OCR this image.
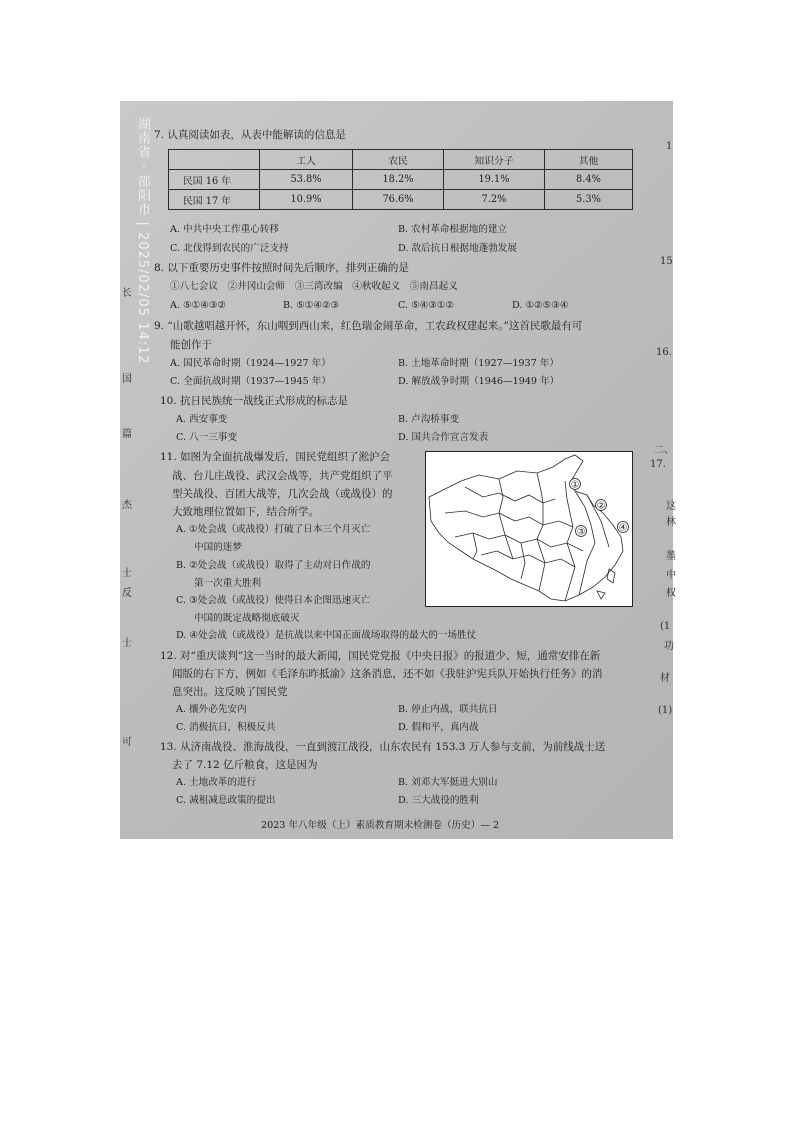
湖南省 · 邵阳市 | 2025/02/05 14:12 7. 认真阅读如表，从表中能解读的信息是
	工人	农民	知识分子	其他
民国 16 年	53.8%	18.2%	19.1%	8.4%
民国 17 年	10.9%	76.6%	7.2%	5.3%
A. 中共中央工作重心转移	B. 农村革命根据地的建立
C. 北伐得到农民的广泛支持	D. 敌后抗日根据地蓬勃发展
8. 以下重要历史事件按照时间先后顺序，排列正确的是
①八七会议　②井冈山会师　③三湾改编　④秋收起义　⑤南昌起义
A. ⑤①④③②	B. ⑤①④②③	C. ⑤④③①②	D. ①②⑤③④
9. “山歌越唱越开怀，东山咽到西山来，红色瑞金闹革命，工农政权建起来。”这首民歌最有可
能创作于
A. 国民革命时期（1924—1927 年）	B. 土地革命时期（1927—1937 年）
C. 全面抗战时期（1937—1945 年）	D. 解放战争时期（1946—1949 年）
10. 抗日民族统一战线正式形成的标志是
A. 西安事变	B. 卢沟桥事变
C. 八一三事变	D. 国共合作宣言发表
11. 如图为全面抗战爆发后，国民党组织了淞沪会
战、台儿庄战役、武汉会战等，共产党组织了平
型关战役、百团大战等，几次会战（或战役）的
大致地理位置如下，结合所学。
A. ①处会战（或战役）打破了日本三个月灭亡
中国的迷梦
B. ②处会战（或战役）取得了主动对日作战的
第一次重大胜利
C. ③处会战（或战役）使得日本企图迅速灭亡
中国的既定战略彻底破灭
D. ④处会战（或战役）是抗战以来中国正面战场取得的最大的一场胜仗
①
②
③	④
12. 对“重庆谈判”这一当时的最大新闻，国民党党报《中央日报》的报道少、短，通常安排在新
闻版的右下方，例如《毛泽东昨抵渝》这条消息，还不如《我驻沪宪兵队开始执行任务》的消
息突出。这反映了国民党
A. 攘外必先安内	B. 停止内战，联共抗日
C. 消极抗日，积极反共	D. 假和平，真内战
13. 从济南战役、淮海战役，一直到渡江战役，山东农民有 153.3 万人参与支前，为前线战士送
去了 7.12 亿斤粮食，这是因为
A. 土地改革的进行	B. 刘邓大军挺进大别山
C. 减租减息政策的提出	D. 三大战役的胜利
2023 年八年级（上）素质教育期末检测卷（历史）— 2
长
国
篇
杰
士
反
士
可
1
15
16.
二、
17.
这
林
墨
中
权
(1
功
材
(1)
